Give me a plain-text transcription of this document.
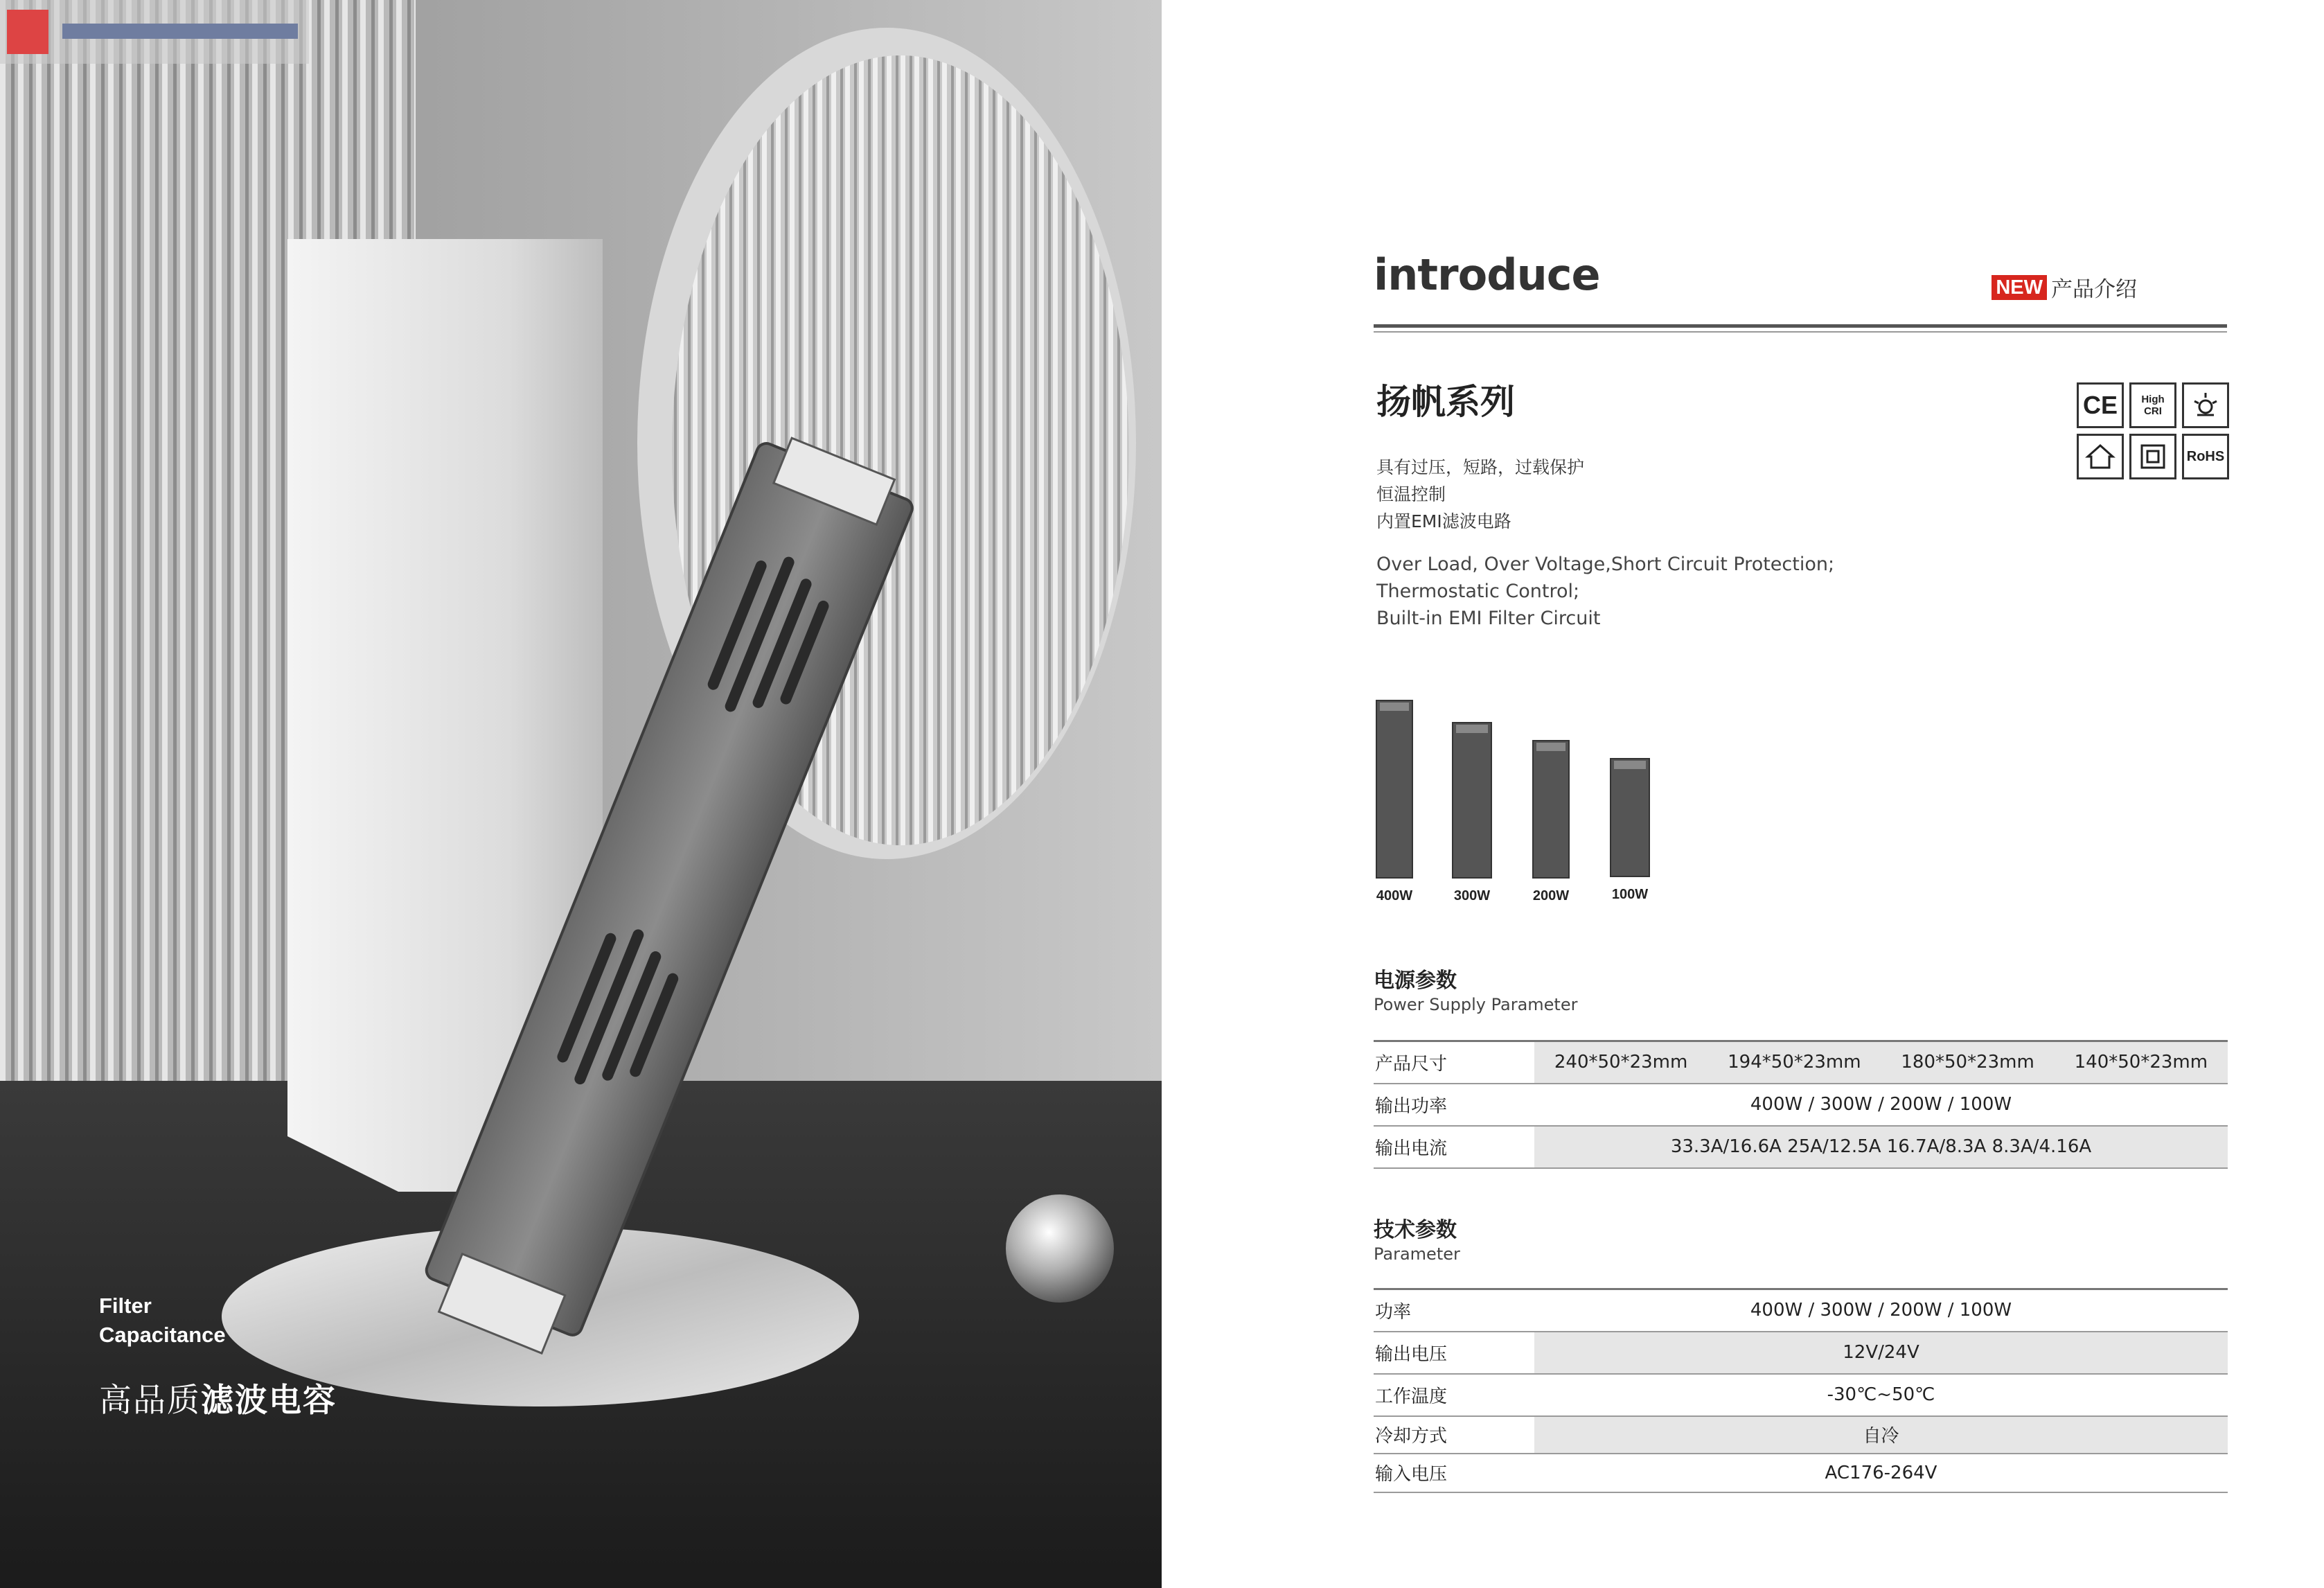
Filter
Capacitance
高品质滤波电容
introduce	NEW 产品介绍
扬帆系列
具有过压，短路，过载保护
恒温控制
内置EMI滤波电路
Over Load, Over Voltage,Short Circuit Protection;
Thermostatic Control;
Built-in EMI Filter Circuit
CE	High CRI
RoHS
400W	300W	200W	100W
电源参数
Power Supply Parameter
产品尺寸	240*50*23mm 194*50*23mm 180*50*23mm 140*50*23mm

输出功率	400W / 300W / 200W / 100W
输出电流	33.3A/16.6A 25A/12.5A 16.7A/8.3A 8.3A/4.16A
技术参数
Parameter
功率	400W / 300W / 200W / 100W
输出电压	12V/24V
工作温度	-30℃~50℃
冷却方式	自冷
输入电压	AC176-264V
